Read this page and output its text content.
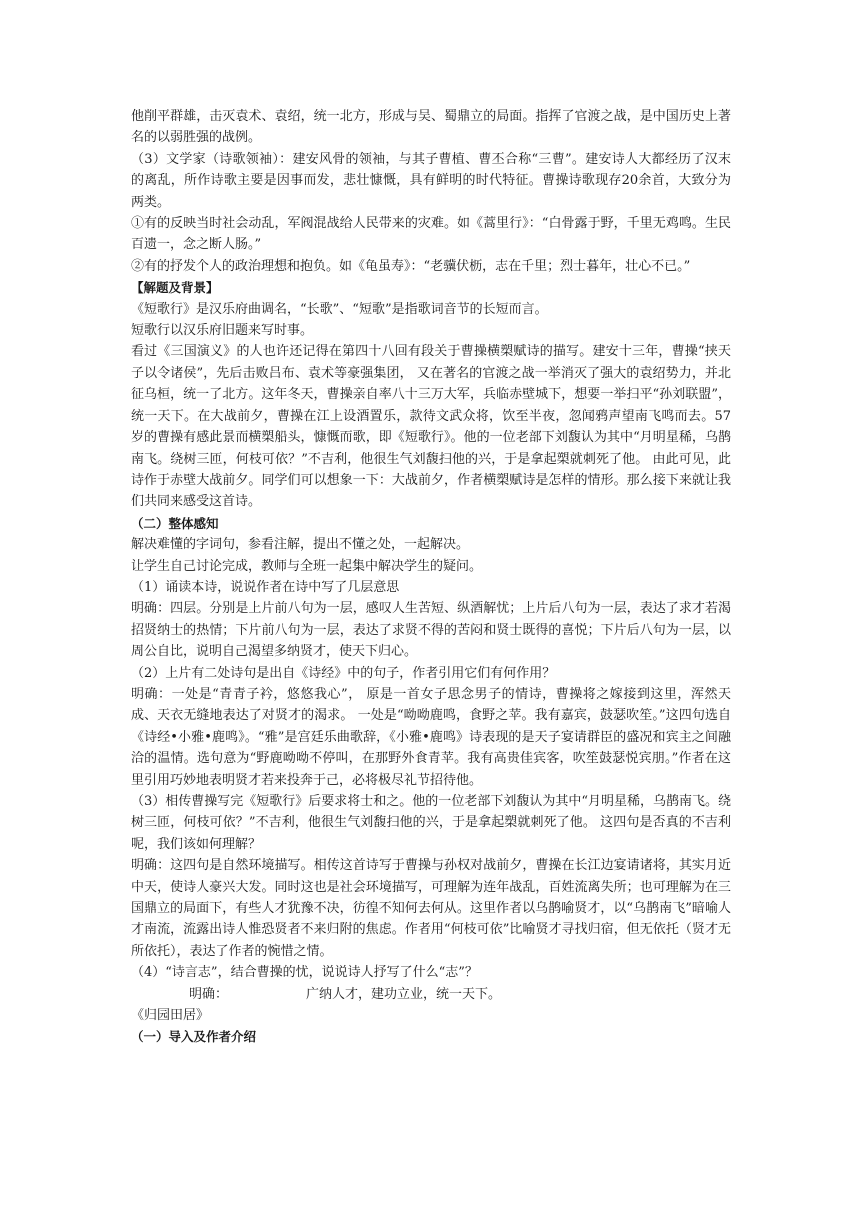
他削平群雄，击灭袁术、袁绍，统一北方，形成与吴、蜀鼎立的局面。指挥了官渡之战，是中国历史上著名的以弱胜强的战例。

（3）文学家（诗歌领袖）：建安风骨的领袖，与其子曹植、曹丕合称“三曹”。建安诗人大都经历了汉末的离乱，所作诗歌主要是因事而发，悲壮慷慨，具有鲜明的时代特征。曹操诗歌现存20余首，大致分为两类。

①有的反映当时社会动乱，军阀混战给人民带来的灾难。如《蒿里行》：“白骨露于野，千里无鸡鸣。生民百遗一，念之断人肠。”

②有的抒发个人的政治理想和抱负。如《龟虽寿》：“老骥伏枥，志在千里；烈士暮年，壮心不已。”

【解题及背景】

《短歌行》是汉乐府曲调名，“长歌”、“短歌”是指歌词音节的长短而言。

短歌行以汉乐府旧题来写时事。

看过《三国演义》的人也许还记得在第四十八回有段关于曹操横槊赋诗的描写。建安十三年，曹操“挟天子以令诸侯”，先后击败吕布、袁术等豪强集团， 又在著名的官渡之战一举消灭了强大的袁绍势力，并北征乌桓，统一了北方。这年冬天，曹操亲自率八十三万大军，兵临赤壁城下，想要一举扫平“孙刘联盟”，统一天下。在大战前夕，曹操在江上设酒置乐，款待文武众将，饮至半夜，忽闻鸦声望南飞鸣而去。57岁的曹操有感此景而横槊船头，慷慨而歌，即《短歌行》。他的一位老部下刘馥认为其中“月明星稀，乌鹊南飞。绕树三匝，何枝可依？”不吉利，他很生气刘馥扫他的兴，于是拿起槊就刺死了他。 由此可见，此诗作于赤壁大战前夕。同学们可以想象一下：大战前夕，作者横槊赋诗是怎样的情形。那么接下来就让我们共同来感受这首诗。

（二）整体感知

解决难懂的字词句，参看注解，提出不懂之处，一起解决。

让学生自己讨论完成，教师与全班一起集中解决学生的疑问。

（1）诵读本诗，说说作者在诗中写了几层意思

明确：四层。分别是上片前八句为一层，感叹人生苦短、纵酒解忧；上片后八句为一层，表达了求才若渴招贤纳士的热情；下片前八句为一层，表达了求贤不得的苦闷和贤士既得的喜悦；下片后八句为一层，以周公自比，说明自己渴望多纳贤才，使天下归心。

（2）上片有二处诗句是出自《诗经》中的句子，作者引用它们有何作用？

明确：一处是“青青子衿，悠悠我心”， 原是一首女子思念男子的情诗，曹操将之嫁接到这里，浑然天成、天衣无缝地表达了对贤才的渴求。 一处是“呦呦鹿鸣，食野之苹。我有嘉宾，鼓瑟吹笙。”这四句选自《诗经•小雅•鹿鸣》。“雅”是宫廷乐曲歌辞，《小雅•鹿鸣》诗表现的是天子宴请群臣的盛况和宾主之间融洽的温情。选句意为“野鹿呦呦不停叫，在那野外食青苹。我有高贵佳宾客，吹笙鼓瑟悦宾朋。”作者在这里引用巧妙地表明贤才若来投奔于己，必将极尽礼节招待他。

（3）相传曹操写完《短歌行》后要求将士和之。他的一位老部下刘馥认为其中“月明星稀，乌鹊南飞。绕树三匝，何枝可依？”不吉利，他很生气刘馥扫他的兴，于是拿起槊就刺死了他。 这四句是否真的不吉利呢，我们该如何理解？

明确：这四句是自然环境描写。相传这首诗写于曹操与孙权对战前夕，曹操在长江边宴请诸将，其实月近中天，使诗人豪兴大发。同时这也是社会环境描写，可理解为连年战乱，百姓流离失所；也可理解为在三国鼎立的局面下，有些人才犹豫不决，彷徨不知何去何从。这里作者以乌鹊喻贤才，以“乌鹊南飞”暗喻人才南流，流露出诗人惟恐贤者不来归附的焦虑。作者用“何枝可依”比喻贤才寻找归宿，但无依托（贤才无所依托），表达了作者的惋惜之情。

（4）“诗言志”，结合曹操的忧，说说诗人抒写了什么“志”？

明确：	广纳人才，建功立业，统一天下。

《归园田居》

（一）导入及作者介绍
